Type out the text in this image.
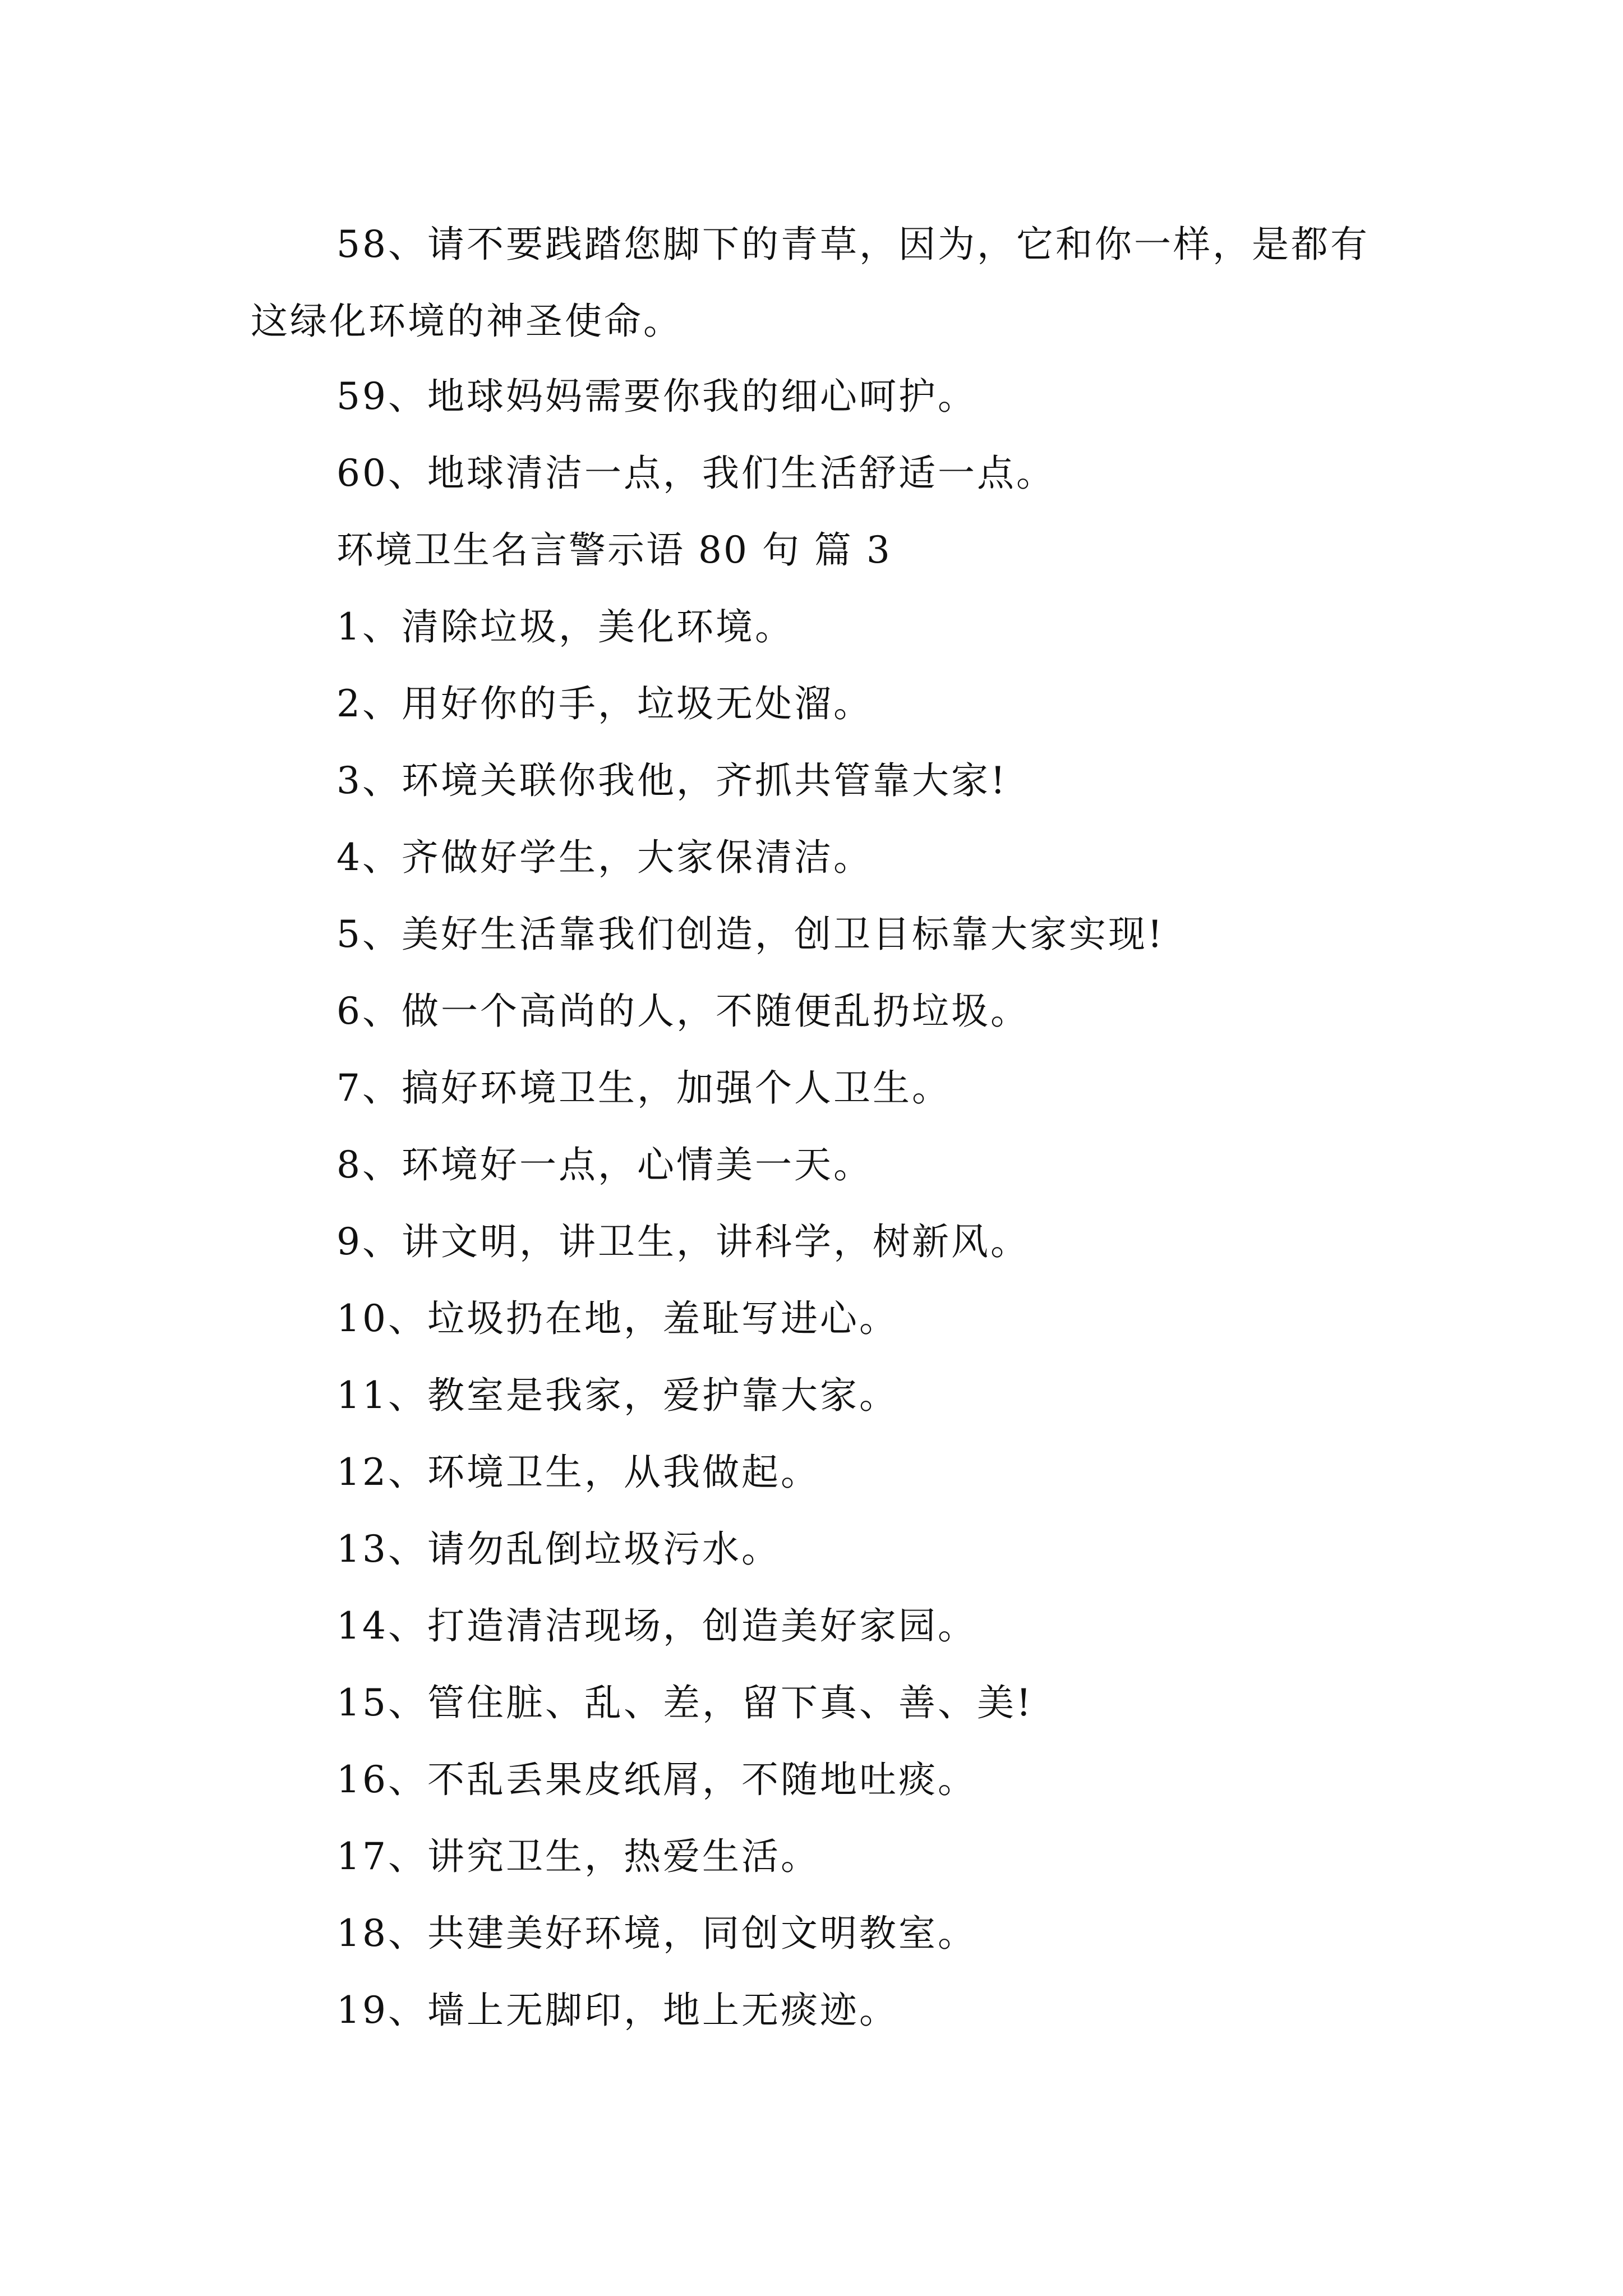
58、请不要践踏您脚下的青草，因为，它和你一样，是都有这绿化环境的神圣使命。
59、地球妈妈需要你我的细心呵护。
60、地球清洁一点，我们生活舒适一点。
环境卫生名言警示语 80 句 篇 3
1、清除垃圾，美化环境。
2、用好你的手，垃圾无处溜。
3、环境关联你我他，齐抓共管靠大家!
4、齐做好学生，大家保清洁。
5、美好生活靠我们创造，创卫目标靠大家实现!
6、做一个高尚的人，不随便乱扔垃圾。
7、搞好环境卫生，加强个人卫生。
8、环境好一点，心情美一天。
9、讲文明，讲卫生，讲科学，树新风。
10、垃圾扔在地，羞耻写进心。
11、教室是我家，爱护靠大家。
12、环境卫生，从我做起。
13、请勿乱倒垃圾污水。
14、打造清洁现场，创造美好家园。
15、管住脏、乱、差，留下真、善、美!
16、不乱丢果皮纸屑，不随地吐痰。
17、讲究卫生，热爱生活。
18、共建美好环境，同创文明教室。
19、墙上无脚印，地上无痰迹。
